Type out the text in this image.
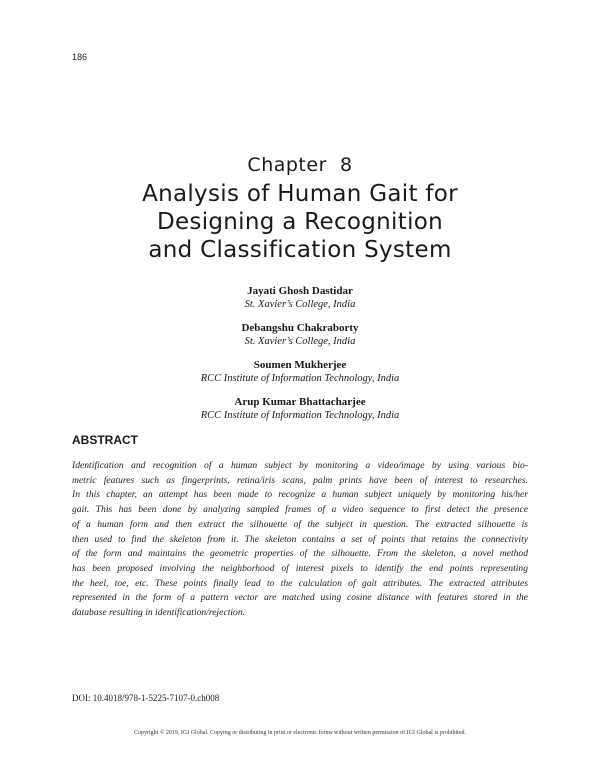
186
Chapter  8
Analysis of Human Gait for
Designing a Recognition
and Classification System
Jayati Ghosh Dastidar
St. Xavier’s College, India
Debangshu Chakraborty
St. Xavier’s College, India
Soumen Mukherjee
RCC Institute of Information Technology, India
Arup Kumar Bhattacharjee
RCC Institute of Information Technology, India
ABSTRACT
Identification and recognition of a human subject by monitoring a video/image by using various bio-
metric features such as fingerprints, retina/iris scans, palm prints have been of interest to researches.
In this chapter, an attempt has been made to recognize a human subject uniquely by monitoring his/her
gait. This has been done by analyzing sampled frames of a video sequence to first detect the presence
of a human form and then extract the silhouette of the subject in question. The extracted silhouette is
then used to find the skeleton from it. The skeleton contains a set of points that retains the connectivity
of the form and maintains the geometric properties of the silhouette. From the skeleton, a novel method
has been proposed involving the neighborhood of interest pixels to identify the end points representing
the heel, toe, etc. These points finally lead to the calculation of gait attributes. The extracted attributes
represented in the form of a pattern vector are matched using cosine distance with features stored in the
database resulting in identification/rejection.
DOI: 10.4018/978-1-5225-7107-0.ch008
Copyright © 2019, IGI Global. Copying or distributing in print or electronic forms without written permission of IGI Global is prohibited.
